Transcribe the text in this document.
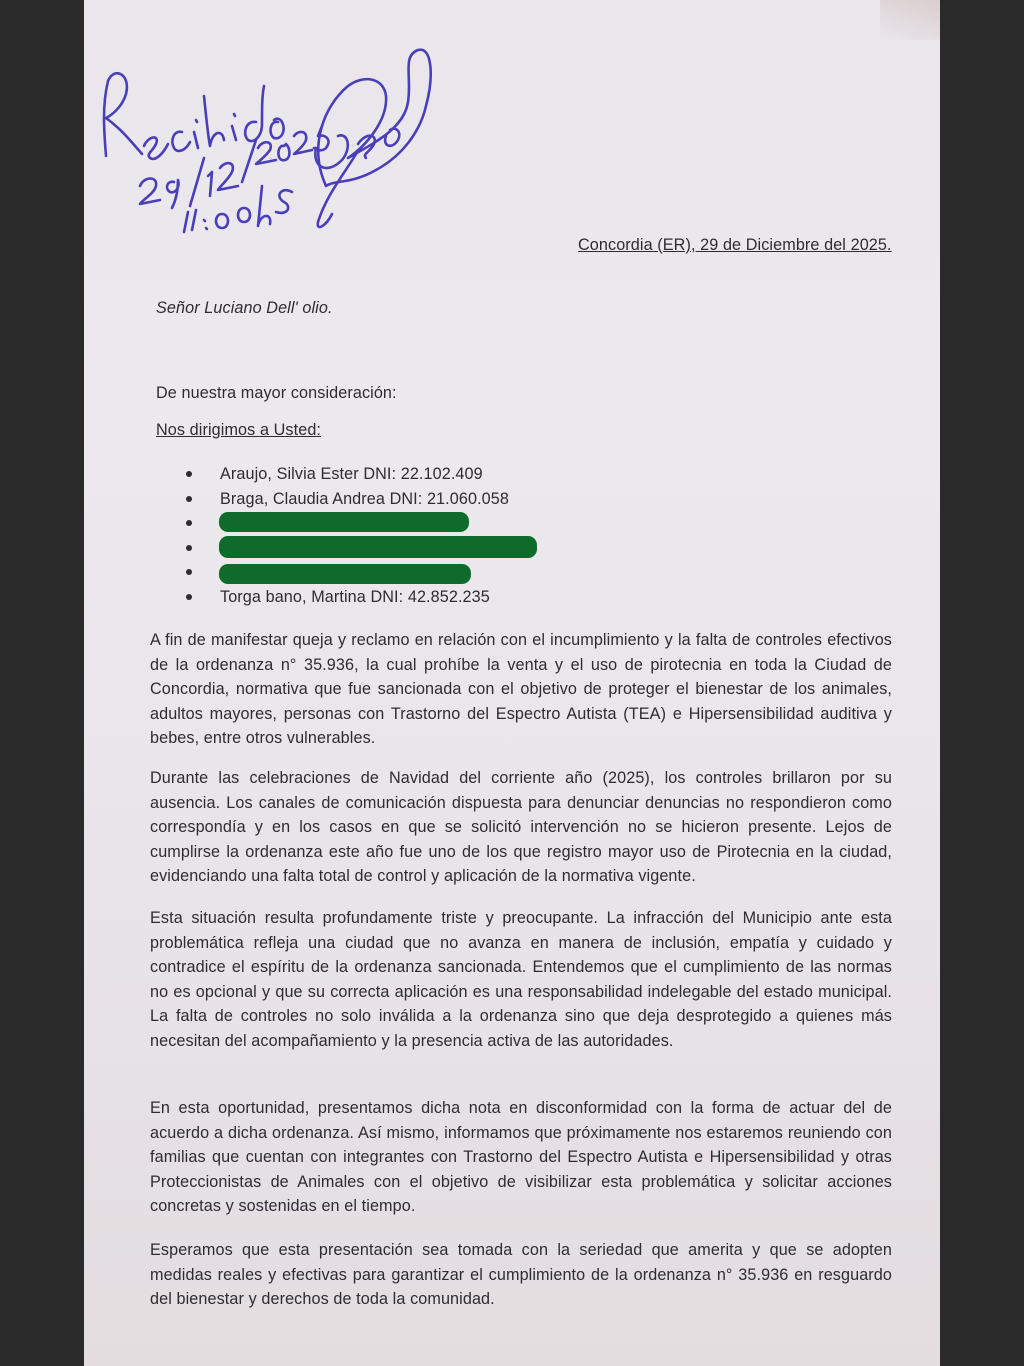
Concordia (ER), 29 de Diciembre del 2025.
Señor Luciano Dell' olio.
De nuestra mayor consideración:
Nos dirigimos a Usted:
Araujo, Silvia Ester DNI: 22.102.409
Braga, Claudia Andrea DNI: 21.060.058
Torga bano, Martina DNI: 42.852.235

A fin de manifestar queja y reclamo en relación con el incumplimiento y la falta de controles efectivos de la ordenanza n° 35.936, la cual prohíbe la venta y el uso de pirotecnia en toda la Ciudad de Concordia, normativa que fue sancionada con el objetivo de proteger el bienestar de los animales, adultos mayores, personas con Trastorno del Espectro Autista (TEA) e Hipersensibilidad auditiva y bebes, entre otros vulnerables.

Durante las celebraciones de Navidad del corriente año (2025), los controles brillaron por su ausencia. Los canales de comunicación dispuesta para denunciar denuncias no respondieron como correspondía y en los casos en que se solicitó intervención no se hicieron presente. Lejos de cumplirse la ordenanza este año fue uno de los que registro mayor uso de Pirotecnia en la ciudad, evidenciando una falta total de control y aplicación de la normativa vigente.

Esta situación resulta profundamente triste y preocupante. La infracción del Municipio ante esta problemática refleja una ciudad que no avanza en manera de inclusión, empatía y cuidado y contradice el espíritu de la ordenanza sancionada. Entendemos que el cumplimiento de las normas no es opcional y que su correcta aplicación es una responsabilidad indelegable del estado municipal. La falta de controles no solo inválida a la ordenanza sino que deja desprotegido a quienes más necesitan del acompañamiento y la presencia activa de las autoridades.

En esta oportunidad, presentamos dicha nota en disconformidad con la forma de actuar del de acuerdo a dicha ordenanza. Así mismo, informamos que próximamente nos estaremos reuniendo con familias que cuentan con integrantes con Trastorno del Espectro Autista e Hipersensibilidad y otras Proteccionistas de Animales con el objetivo de visibilizar esta problemática y solicitar acciones concretas y sostenidas en el tiempo.

Esperamos que esta presentación sea tomada con la seriedad que amerita y que se adopten medidas reales y efectivas para garantizar el cumplimiento de la ordenanza n° 35.936 en resguardo del bienestar y derechos de toda la comunidad.
